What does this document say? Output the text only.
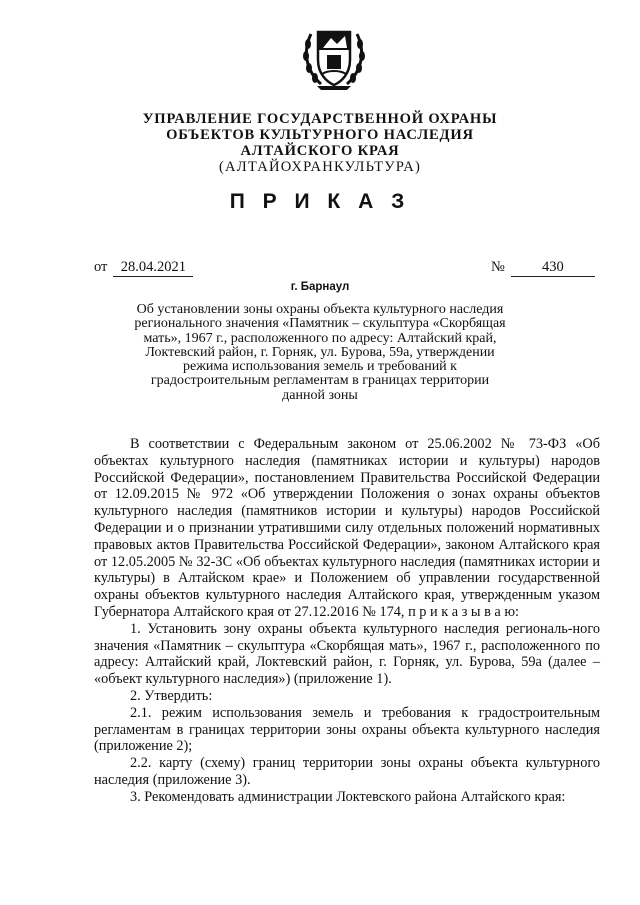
УПРАВЛЕНИЕ ГОСУДАРСТВЕННОЙ ОХРАНЫ
ОБЪЕКТОВ КУЛЬТУРНОГО НАСЛЕДИЯ
АЛТАЙСКОГО КРАЯ
(АЛТАЙОХРАНКУЛЬТУРА)
П Р И К А З
от 28.04.2021	№	430
г. Барнаул

Об установлении зоны охраны объекта культурного наследия регионального значения «Памятник – скульптура «Скорбящая мать», 1967 г., расположенного по адресу: Алтайский край, Локтевский район, г. Горняк, ул. Бурова, 59а, утверждении режима использования земель и требований к градостроительным регламентам в границах территории данной зоны

В соответствии с Федеральным законом от 25.06.2002 № 73-ФЗ «Об объектах культурного наследия (памятниках истории и культуры) народов Российской Федерации», постановлением Правительства Российской Федерации от 12.09.2015 № 972 «Об утверждении Положения о зонах охраны объектов культурного наследия (памятников истории и культуры) народов Российской Федерации и о признании утратившими силу отдельных положений нормативных правовых актов Правительства Российской Федерации», законом Алтайского края от 12.05.2005 № 32-ЗС «Об объектах культурного наследия (памятниках истории и культуры) в Алтайском крае» и Положением об управлении государственной охраны объектов культурного наследия Алтайского края, утвержденным указом Губернатора Алтайского края от 27.12.2016 № 174, п р и к а з ы в а ю:

1. Установить зону охраны объекта культурного наследия региональ-ного значения «Памятник – скульптура «Скорбящая мать», 1967 г., расположенного по адресу: Алтайский край, Локтевский район, г. Горняк, ул. Бурова, 59а (далее – «объект культурного наследия») (приложение 1).

2. Утвердить:

2.1. режим использования земель и требования к градостроительным регламентам в границах территории зоны охраны объекта культурного наследия (приложение 2);

2.2. карту (схему) границ территории зоны охраны объекта культурного наследия (приложение 3).

3. Рекомендовать администрации Локтевского района Алтайского края:
